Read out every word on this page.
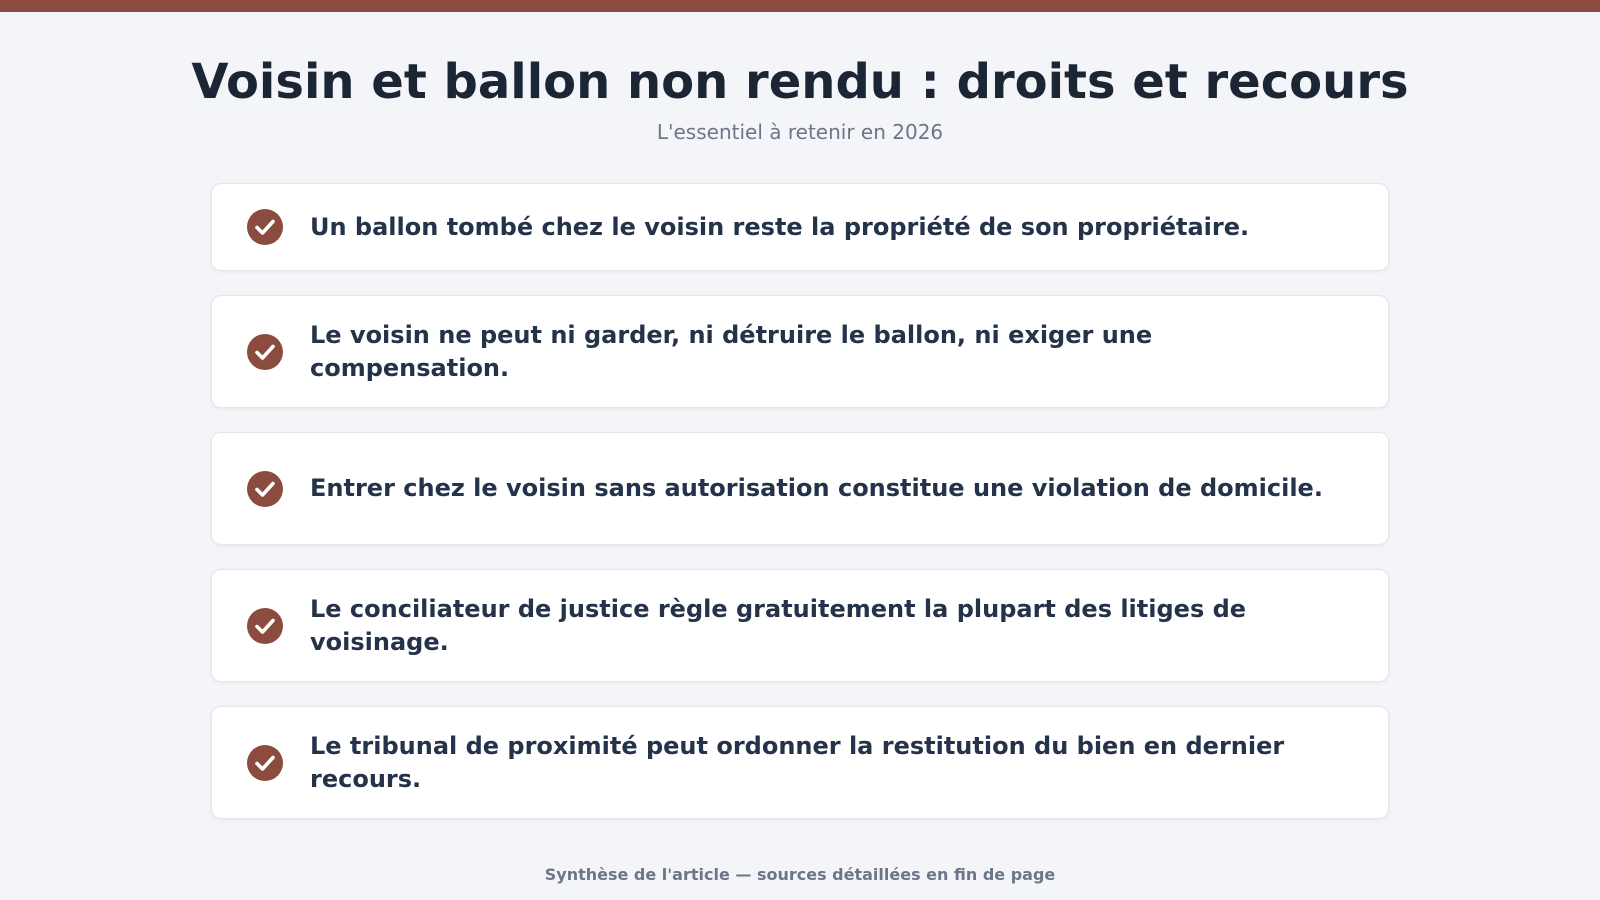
Voisin et ballon non rendu : droits et recours

L'essentiel à retenir en 2026

Un ballon tombé chez le voisin reste la propriété de son propriétaire.
Le voisin ne peut ni garder, ni détruire le ballon, ni exiger une compensation.
Entrer chez le voisin sans autorisation constitue une violation de domicile.
Le conciliateur de justice règle gratuitement la plupart des litiges de voisinage.
Le tribunal de proximité peut ordonner la restitution du bien en dernier recours.

Synthèse de l'article — sources détaillées en fin de page
